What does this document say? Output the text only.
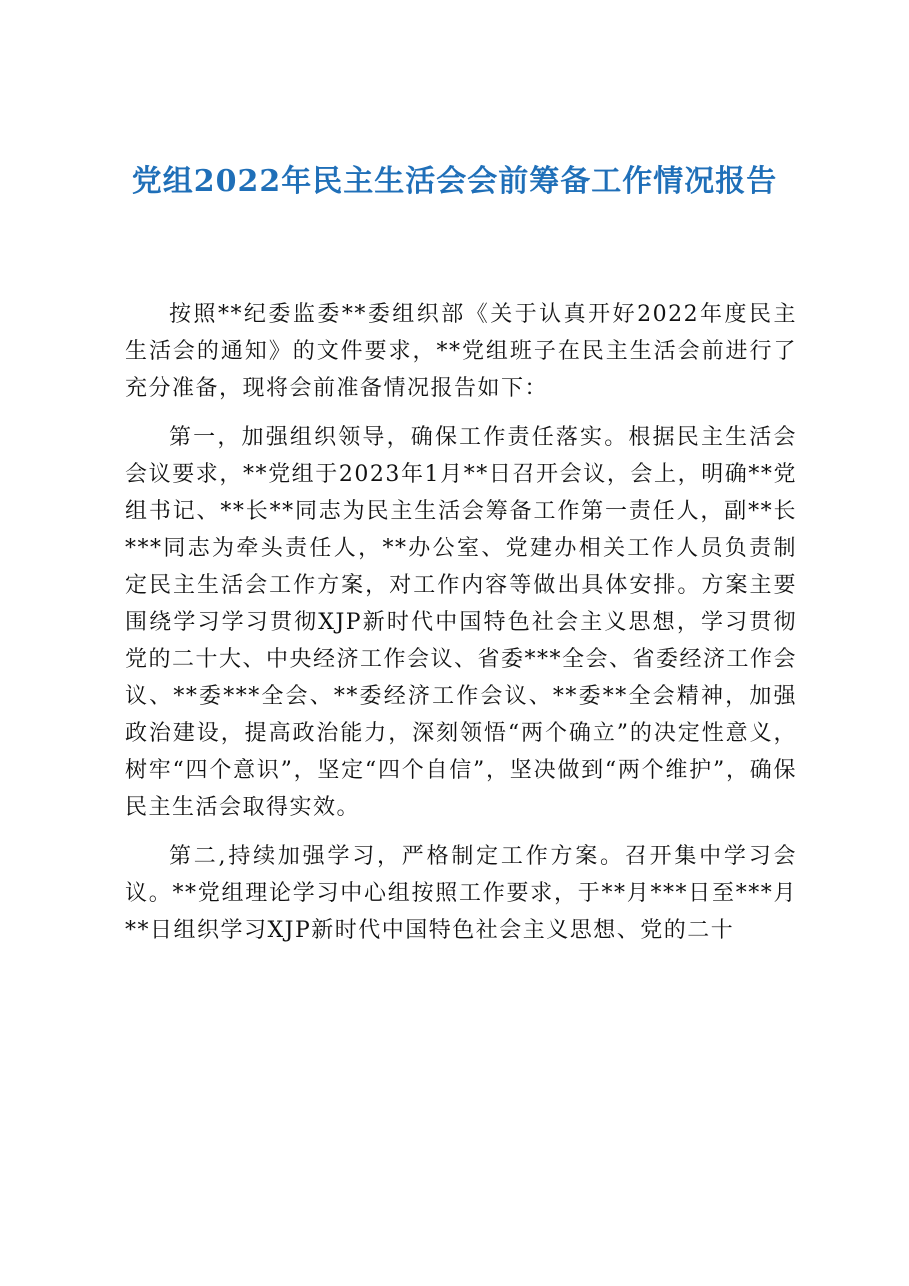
党组2022年民主生活会会前筹备工作情况报告

按照**纪委监委**委组织部《关于认真开好2022年度民主生活会的通知》的文件要求，**党组班子在民主生活会前进行了充分准备，现将会前准备情况报告如下：

第一，加强组织领导，确保工作责任落实。根据民主生活会会议要求，**党组于2023年1月**日召开会议，会上，明确**党组书记、**长**同志为民主生活会筹备工作第一责任人，副**长***同志为牵头责任人，**办公室、党建办相关工作人员负责制定民主生活会工作方案，对工作内容等做出具体安排。方案主要围绕学习学习贯彻XJP新时代中国特色社会主义思想，学习贯彻党的二十大、中央经济工作会议、省委***全会、省委经济工作会议、**委***全会、**委经济工作会议、**委**全会精神，加强政治建设，提高政治能力，深刻领悟“两个确立”的决定性意义，树牢“四个意识”，坚定“四个自信”，坚决做到“两个维护”，确保民主生活会取得实效。

第二,持续加强学习，严格制定工作方案。召开集中学习会议。**党组理论学习中心组按照工作要求，于**月***日至***月**日组织学习XJP新时代中国特色社会主义思想、党的二十
